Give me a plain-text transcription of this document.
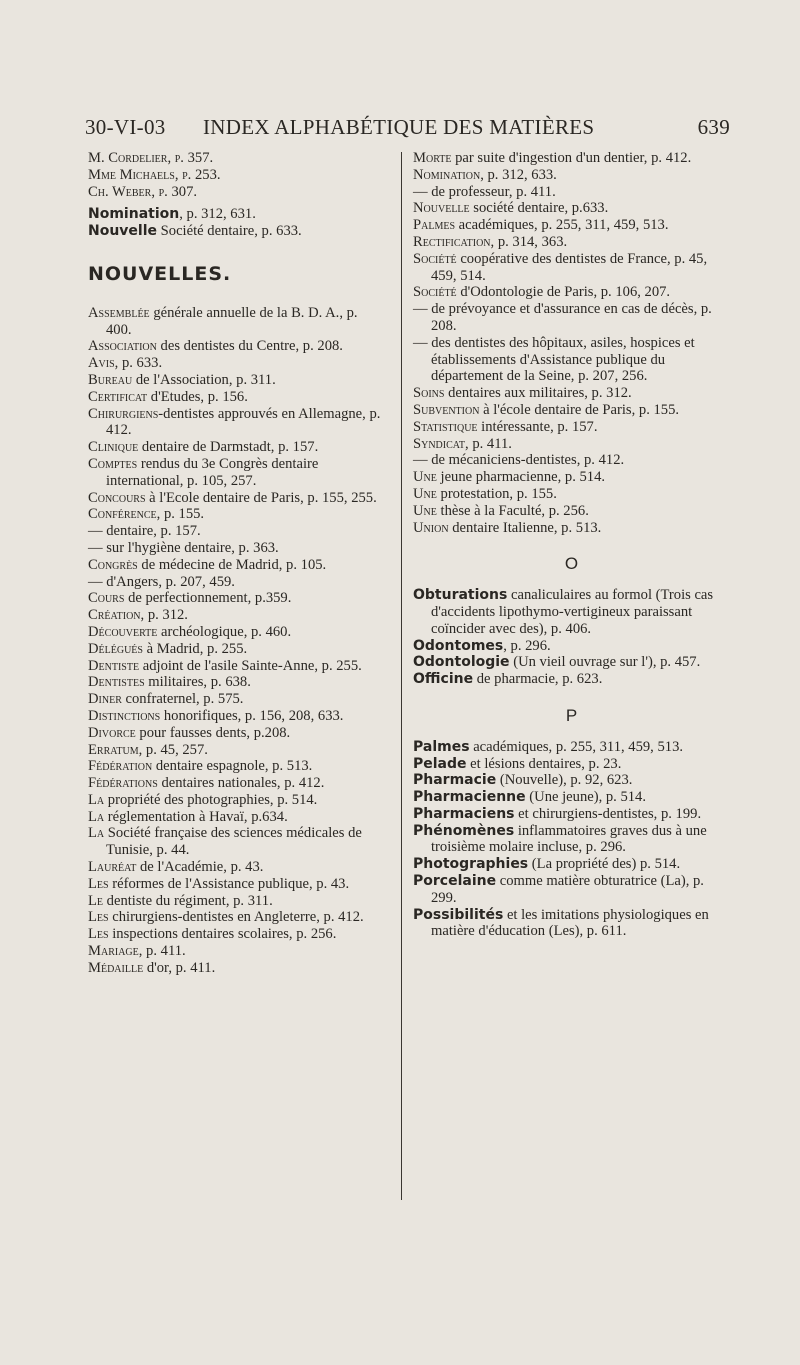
30-VI-03 INDEX ALPHABÉTIQUE DES MATIÈRES	639

M. Cordelier, p. 357.

Mme Michaels, p. 253.

Ch. Weber, p. 307.

Nomination, p. 312, 631.

Nouvelle Société dentaire, p. 633.

NOUVELLES.

Assemblée générale annuelle de la B. D. A., p. 400.

Association des dentistes du Centre, p. 208.

Avis, p. 633.

Bureau de l'Association, p. 311.

Certificat d'Etudes, p. 156.

Chirurgiens-dentistes approuvés en Allemagne, p. 412.

Clinique dentaire de Darmstadt, p. 157.

Comptes rendus du 3e Congrès dentaire international, p. 105, 257.

Concours à l'Ecole dentaire de Paris, p. 155, 255.

Conférence, p. 155.

— dentaire, p. 157.

— sur l'hygiène dentaire, p. 363.

Congrès de médecine de Madrid, p. 105.

— d'Angers, p. 207, 459.

Cours de perfectionnement, p.359.

Création, p. 312.

Découverte archéologique, p. 460.

Délégués à Madrid, p. 255.

Dentiste adjoint de l'asile Sainte-Anne, p. 255.

Dentistes militaires, p. 638.

Diner confraternel, p. 575.

Distinctions honorifiques, p. 156, 208, 633.

Divorce pour fausses dents, p.208.

Erratum, p. 45, 257.

Fédération dentaire espagnole, p. 513.

Fédérations dentaires nationales, p. 412.

La propriété des photographies, p. 514.

La réglementation à Havaï, p.634.

La Société française des sciences médicales de Tunisie, p. 44.

Lauréat de l'Académie, p. 43.

Les réformes de l'Assistance publique, p. 43.

Le dentiste du régiment, p. 311.

Les chirurgiens-dentistes en Angleterre, p. 412.

Les inspections dentaires scolaires, p. 256.

Mariage, p. 411.

Médaille d'or, p. 411.

Morte par suite d'ingestion d'un dentier, p. 412.

Nomination, p. 312, 633.

— de professeur, p. 411.

Nouvelle société dentaire, p.633.

Palmes académiques, p. 255, 311, 459, 513.

Rectification, p. 314, 363.

Société coopérative des dentistes de France, p. 45, 459, 514.

Société d'Odontologie de Paris, p. 106, 207.

— de prévoyance et d'assurance en cas de décès, p. 208.

— des dentistes des hôpitaux, asiles, hospices et établissements d'Assistance publique du département de la Seine, p. 207, 256.

Soins dentaires aux militaires, p. 312.

Subvention à l'école dentaire de Paris, p. 155.

Statistique intéressante, p. 157.

Syndicat, p. 411.

— de mécaniciens-dentistes, p. 412.

Une jeune pharmacienne, p. 514.

Une protestation, p. 155.

Une thèse à la Faculté, p. 256.

Union dentaire Italienne, p. 513.

O

Obturations canaliculaires au formol (Trois cas d'accidents lipothymo-vertigineux paraissant coïncider avec des), p. 406.

Odontomes, p. 296.

Odontologie (Un vieil ouvrage sur l'), p. 457.

Officine de pharmacie, p. 623.

P

Palmes académiques, p. 255, 311, 459, 513.

Pelade et lésions dentaires, p. 23.

Pharmacie (Nouvelle), p. 92, 623.

Pharmacienne (Une jeune), p. 514.

Pharmaciens et chirurgiens-dentistes, p. 199.

Phénomènes inflammatoires graves dus à une troisième molaire incluse, p. 296.

Photographies (La propriété des) p. 514.

Porcelaine comme matière obturatrice (La), p. 299.

Possibilités et les imitations physiologiques en matière d'éducation (Les), p. 611.
